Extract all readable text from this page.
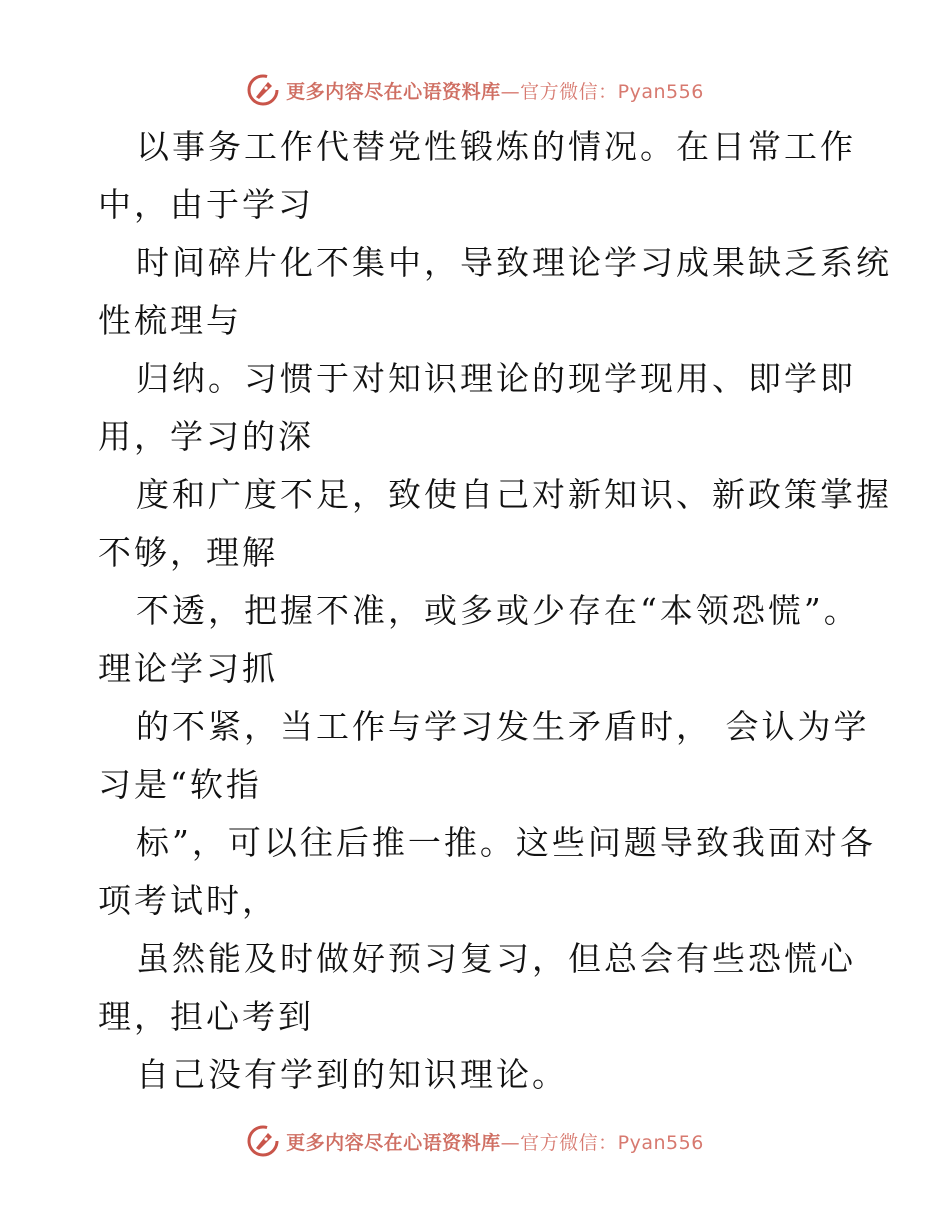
更多内容尽在心语资料库—官方微信：Pyan556
以事务工作代替党性锻炼的情况。在日常工作
中，由于学习
时间碎片化不集中，导致理论学习成果缺乏系统
性梳理与
归纳。习惯于对知识理论的现学现用、即学即
用，学习的深
度和广度不足，致使自己对新知识、新政策掌握
不够，理解
不透，把握不准，或多或少存在“本领恐慌”。
理论学习抓
的不紧，当工作与学习发生矛盾时， 会认为学
习是“软指
标”，可以往后推一推。这些问题导致我面对各
项考试时，
虽然能及时做好预习复习，但总会有些恐慌心
理，担心考到
自己没有学到的知识理论。
更多内容尽在心语资料库—官方微信：Pyan556
